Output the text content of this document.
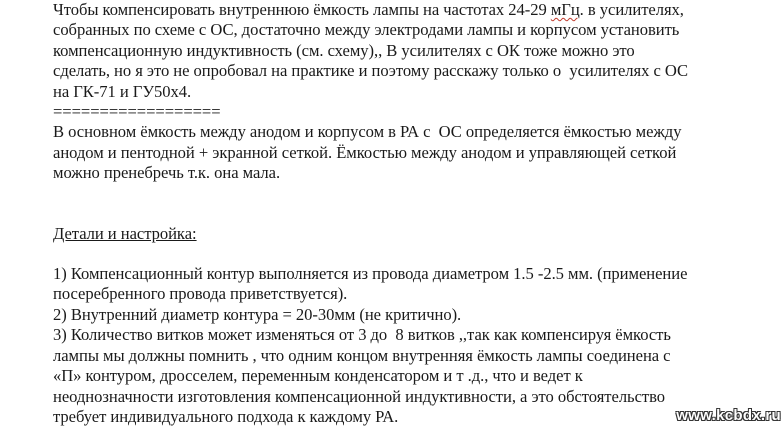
Чтобы компенсировать внутреннюю ёмкость лампы на частотах 24-29 мГц. в усилителях,
собранных по схеме с ОС, достаточно между электродами лампы и корпусом установить
компенсационную индуктивность (см. схему),, В усилителях с ОК тоже можно это
сделать, но я это не опробовал на практике и поэтому расскажу только о  усилителях с ОС
на ГК-71 и ГУ50х4.
==================
В основном ёмкость между анодом и корпусом в РА с  ОС определяется ёмкостью между
анодом и пентодной + экранной сеткой. Ёмкостью между анодом и управляющей сеткой
можно пренебречь т.к. она мала.
Детали и настройка:
1) Компенсационный контур выполняется из провода диаметром 1.5 -2.5 мм. (применение
посеребренного провода приветствуется).
2) Внутренний диаметр контура = 20-30мм (не критично).
3) Количество витков может изменяться от 3 до  8 витков ,,так как компенсируя ёмкость
лампы мы должны помнить , что одним концом внутренняя ёмкость лампы соединена с
«П» контуром, дросселем, переменным конденсатором и т .д., что и ведет к
неоднозначности изготовления компенсационной индуктивности, а это обстоятельство
требует индивидуального подхода к каждому РА.	www.kcbdx.ru
